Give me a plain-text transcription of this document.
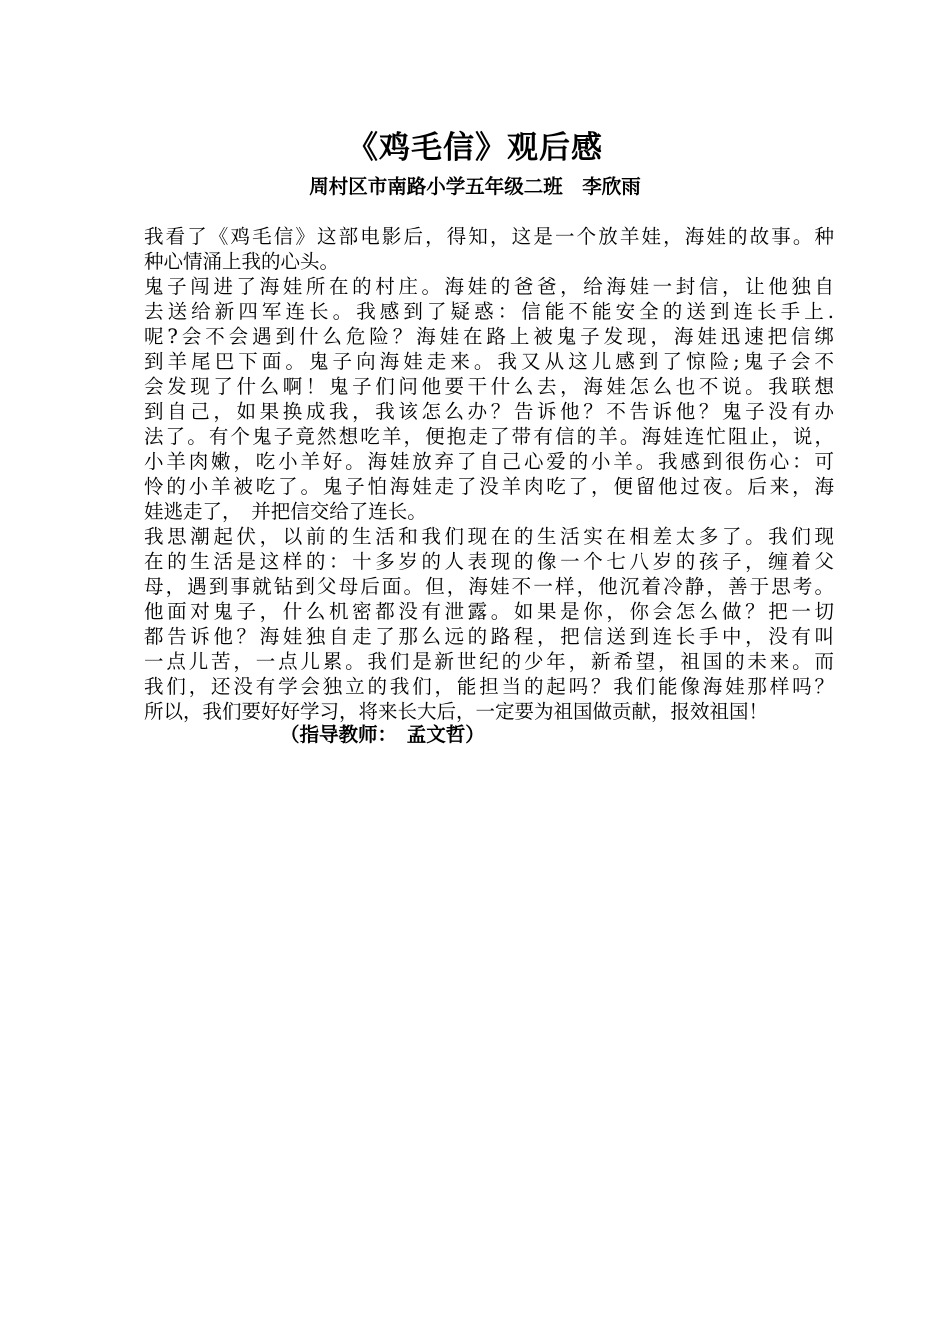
《鸡毛信》观后感
周村区市南路小学五年级二班　李欣雨
我看了《鸡毛信》这部电影后，得知，这是一个放羊娃，海娃的故事。种
种心情涌上我的心头。
鬼子闯进了海娃所在的村庄。海娃的爸爸，给海娃一封信，让他独自
去送给新四军连长。我感到了疑惑：信能不能安全的送到连长手上.
呢?会不会遇到什么危险？海娃在路上被鬼子发现，海娃迅速把信绑
到羊尾巴下面。鬼子向海娃走来。我又从这儿感到了惊险;鬼子会不
会发现了什么啊！鬼子们问他要干什么去，海娃怎么也不说。我联想
到自己，如果换成我，我该怎么办？告诉他？不告诉他？鬼子没有办
法了。有个鬼子竟然想吃羊，便抱走了带有信的羊。海娃连忙阻止，说，
小羊肉嫩，吃小羊好。海娃放弃了自己心爱的小羊。我感到很伤心：可
怜的小羊被吃了。鬼子怕海娃走了没羊肉吃了，便留他过夜。后来，海
娃逃走了，　并把信交给了连长。
我思潮起伏，以前的生活和我们现在的生活实在相差太多了。我们现
在的生活是这样的：十多岁的人表现的像一个七八岁的孩子，缠着父
母，遇到事就钻到父母后面。但，海娃不一样，他沉着冷静，善于思考。
他面对鬼子，什么机密都没有泄露。如果是你，你会怎么做？把一切
都告诉他？海娃独自走了那么远的路程，把信送到连长手中，没有叫
一点儿苦，一点儿累。我们是新世纪的少年，新希望，祖国的未来。而
我们，还没有学会独立的我们，能担当的起吗？我们能像海娃那样吗？
所以，我们要好好学习，将来长大后，一定要为祖国做贡献，报效祖国！
（指导教师：　孟文哲）
